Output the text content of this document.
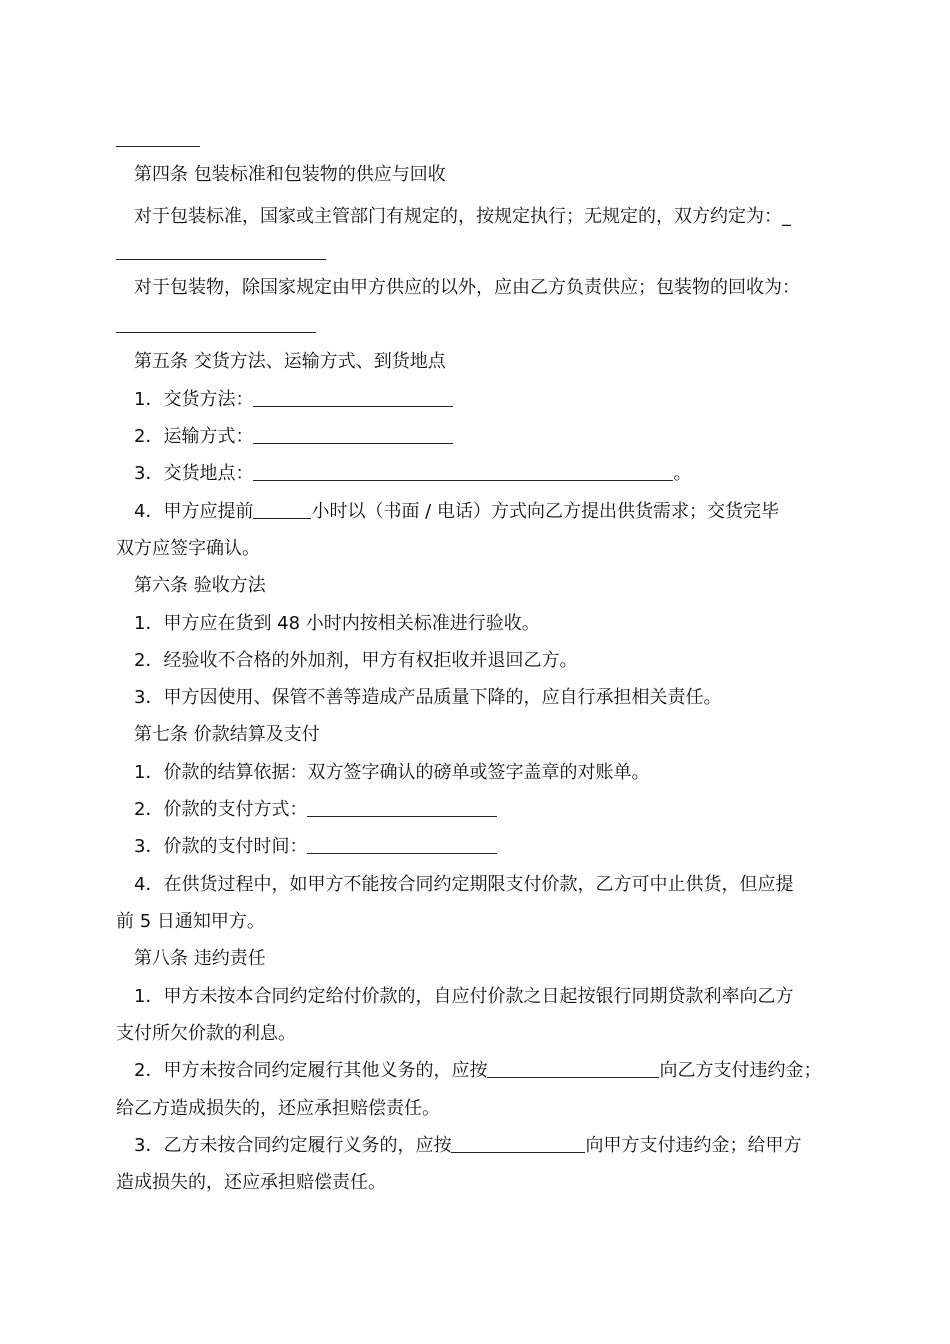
第四条 包装标准和包装物的供应与回收
对于包装标准，国家或主管部门有规定的，按规定执行；无规定的，双方约定为：_
对于包装物，除国家规定由甲方供应的以外，应由乙方负责供应；包装物的回收为：
第五条 交货方法、运输方式、到货地点
1．交货方法：
2．运输方式：
3．交货地点：	。
4．甲方应提前	小时以（书面 / 电话）方式向乙方提出供货需求；交货完毕
双方应签字确认。
第六条 验收方法
1．甲方应在货到 48 小时内按相关标准进行验收。
2．经验收不合格的外加剂，甲方有权拒收并退回乙方。
3．甲方因使用、保管不善等造成产品质量下降的，应自行承担相关责任。
第七条 价款结算及支付
1．价款的结算依据：双方签字确认的磅单或签字盖章的对账单。
2．价款的支付方式：
3．价款的支付时间：
4．在供货过程中，如甲方不能按合同约定期限支付价款，乙方可中止供货，但应提
前 5 日通知甲方。
第八条 违约责任
1．甲方未按本合同约定给付价款的，自应付价款之日起按银行同期贷款利率向乙方
支付所欠价款的利息。
2．甲方未按合同约定履行其他义务的，应按	向乙方支付违约金；
给乙方造成损失的，还应承担赔偿责任。
3．乙方未按合同约定履行义务的，应按	向甲方支付违约金；给甲方
造成损失的，还应承担赔偿责任。
